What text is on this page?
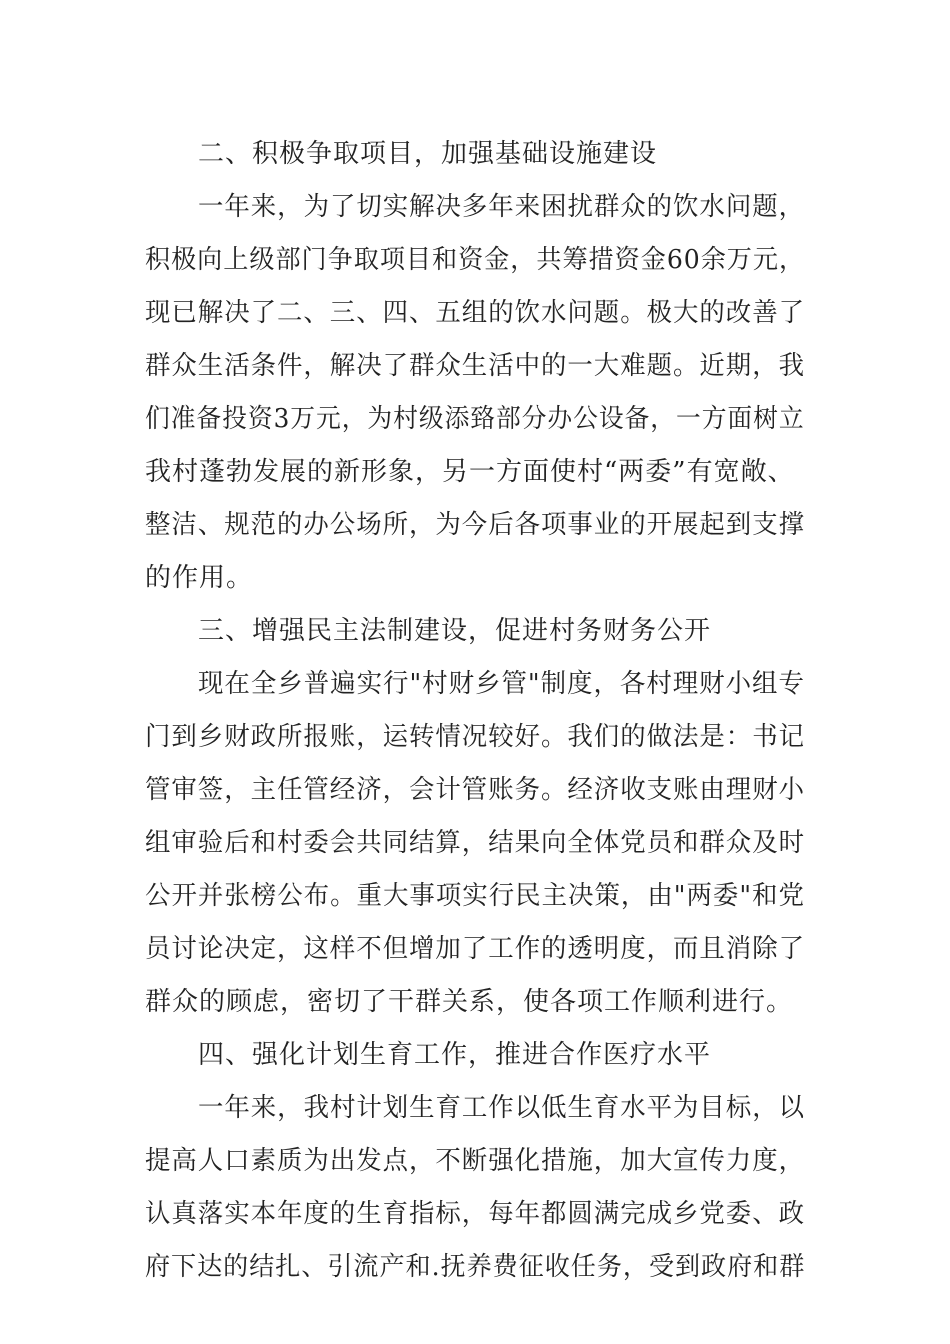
二、积极争取项目，加强基础设施建设
一年来，为了切实解决多年来困扰群众的饮水问题，
积极向上级部门争取项目和资金，共筹措资金60余万元，
现已解决了二、三、四、五组的饮水问题。极大的改善了
群众生活条件，解决了群众生活中的一大难题。近期，我
们准备投资3万元，为村级添臵部分办公设备，一方面树立
我村蓬勃发展的新形象，另一方面使村“两委”有宽敞、
整洁、规范的办公场所，为今后各项事业的开展起到支撑
的作用。
三、增强民主法制建设，促进村务财务公开
现在全乡普遍实行"村财乡管"制度，各村理财小组专
门到乡财政所报账，运转情况较好。我们的做法是：书记
管审签，主任管经济，会计管账务。经济收支账由理财小
组审验后和村委会共同结算，结果向全体党员和群众及时
公开并张榜公布。重大事项实行民主决策，由"两委"和党
员讨论决定，这样不但增加了工作的透明度，而且消除了
群众的顾虑，密切了干群关系，使各项工作顺利进行。
四、强化计划生育工作，推进合作医疗水平
一年来，我村计划生育工作以低生育水平为目标，以
提高人口素质为出发点，不断强化措施，加大宣传力度，
认真落实本年度的生育指标，每年都圆满完成乡党委、政
府下达的结扎、引流产和.抚养费征收任务，受到政府和群
